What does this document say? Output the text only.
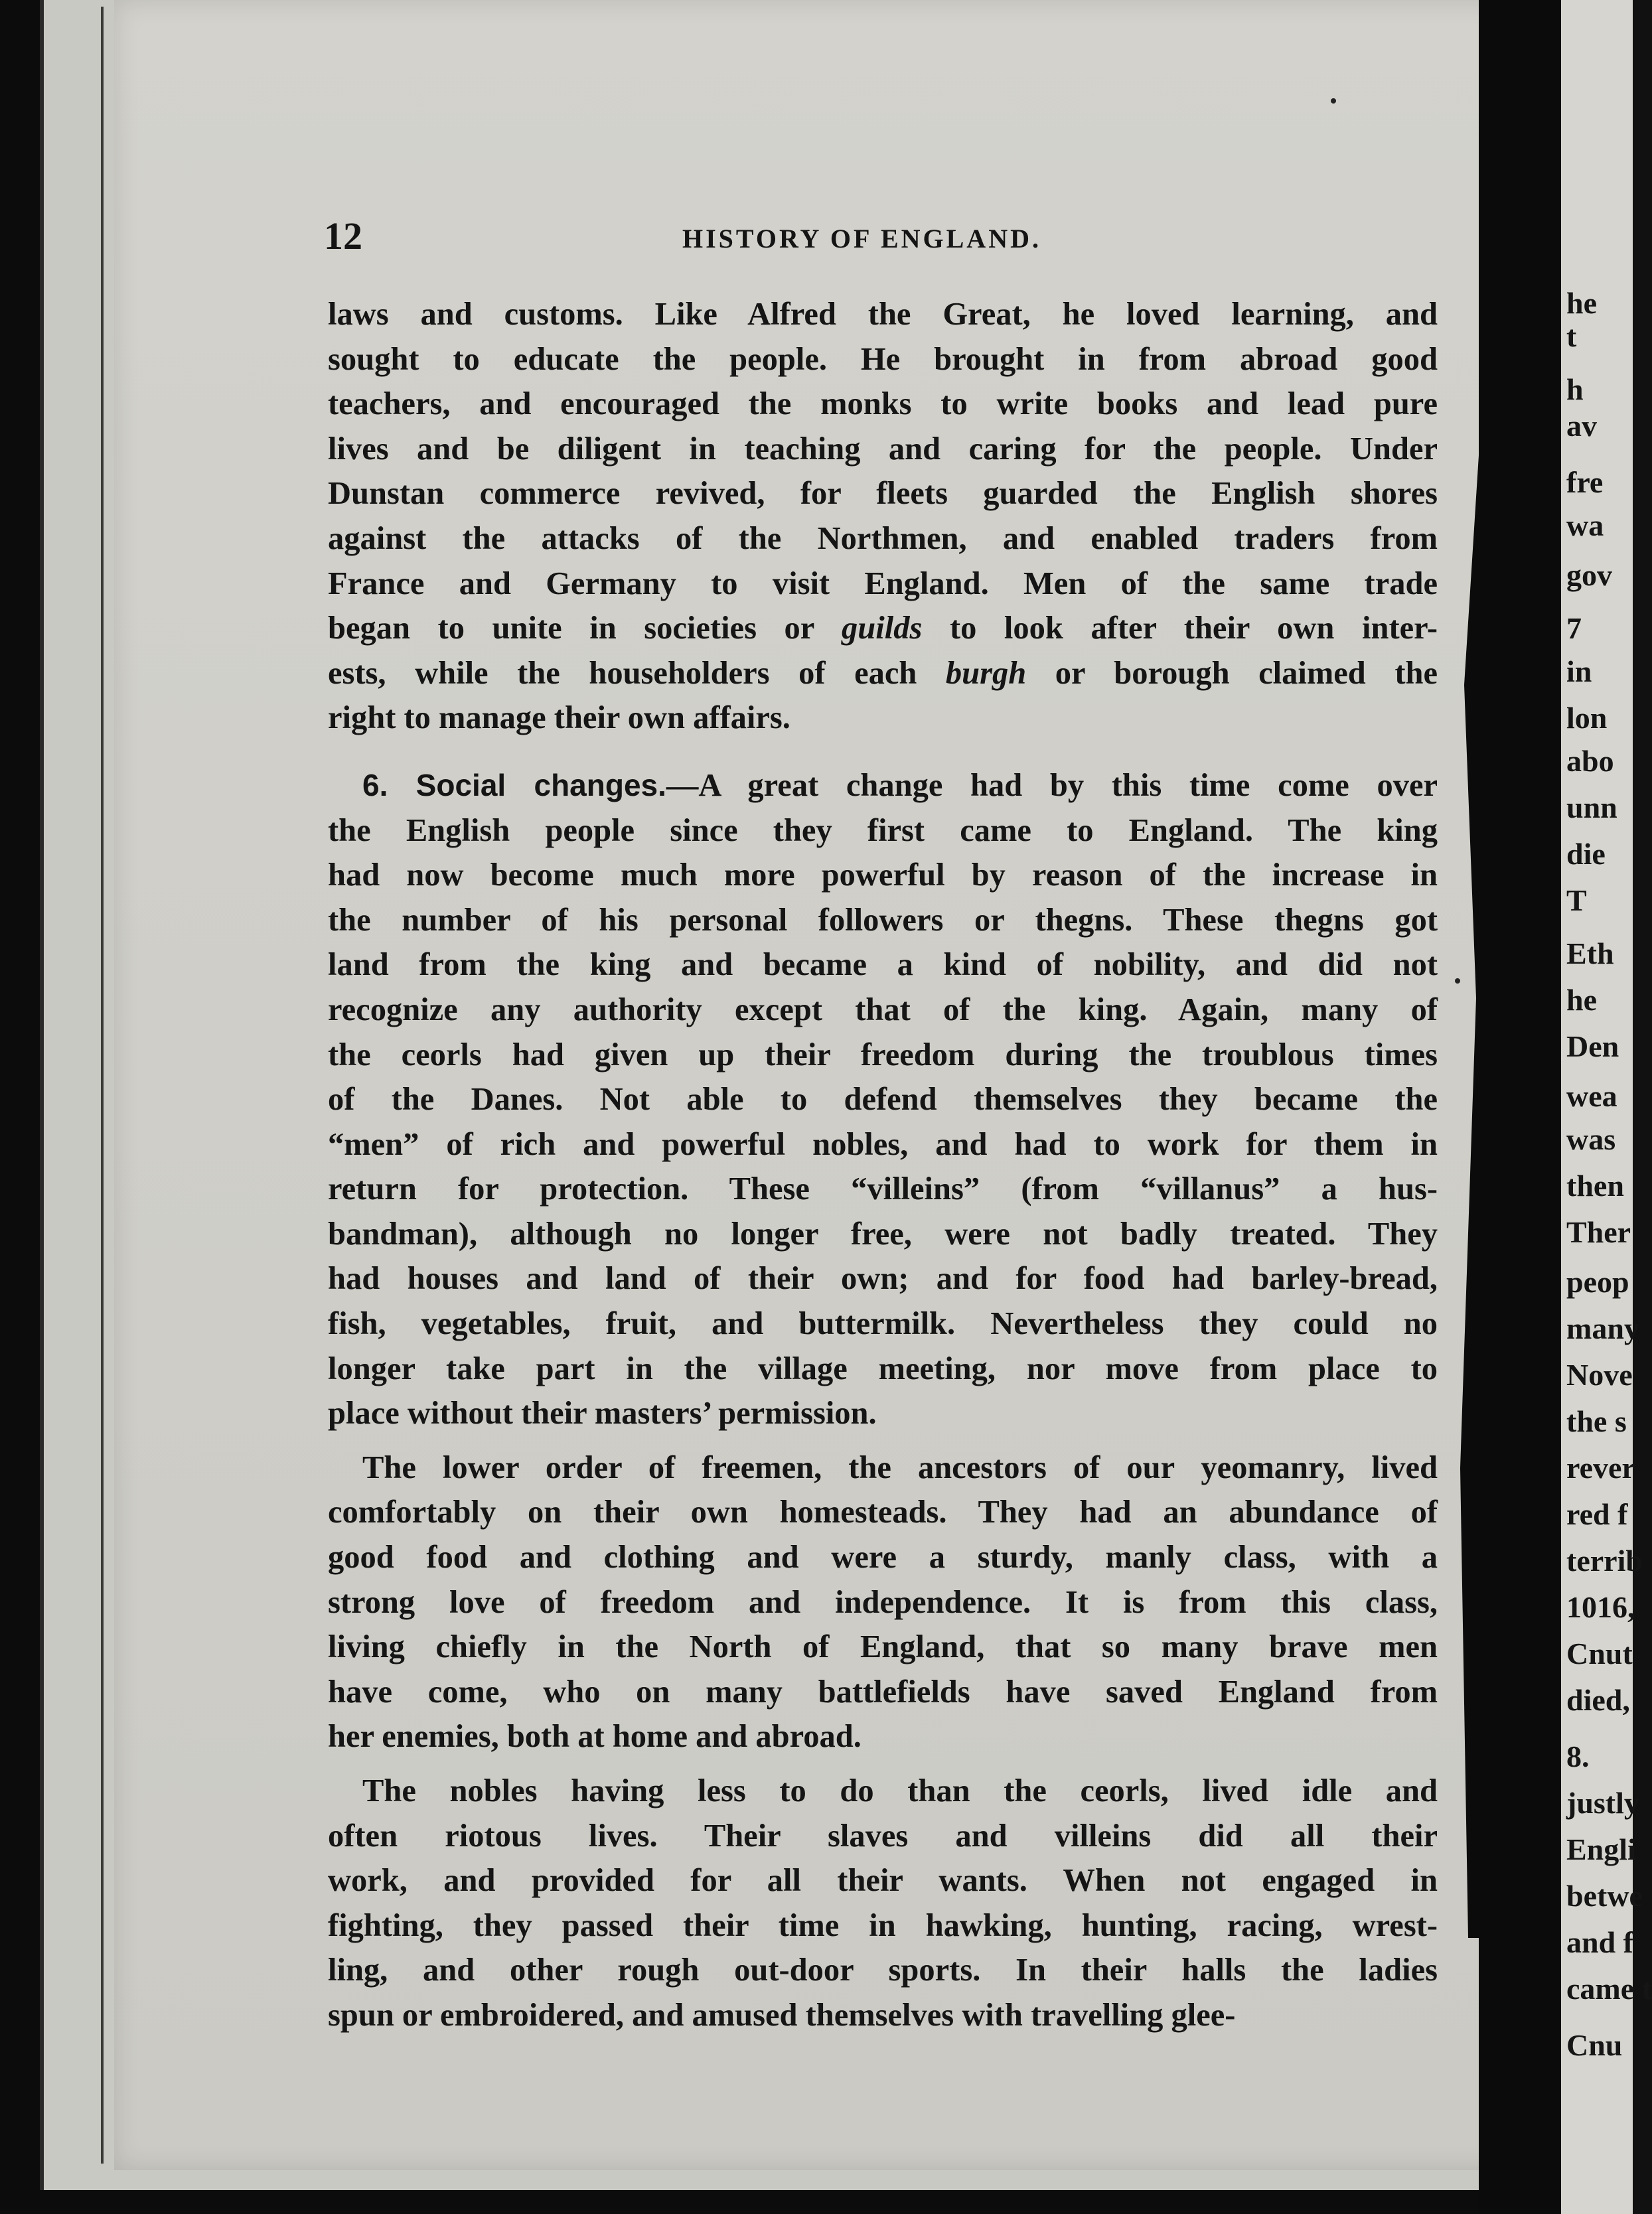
12	HISTORY OF ENGLAND.
laws and customs. Like Alfred the Great, he loved learning, and
sought to educate the people. He brought in from abroad good
teachers, and encouraged the monks to write books and lead pure
lives and be diligent in teaching and caring for the people. Under
Dunstan commerce revived, for fleets guarded the English shores
against the attacks of the Northmen, and enabled traders from
France and Germany to visit England. Men of the same trade
began to unite in societies or guilds to look after their own inter-
ests, while the householders of each burgh or borough claimed the
right to manage their own affairs.
6. Social changes.—A great change had by this time come over
the English people since they first came to England. The king
had now become much more powerful by reason of the increase in
the number of his personal followers or thegns. These thegns got
land from the king and became a kind of nobility, and did not
recognize any authority except that of the king. Again, many of
the ceorls had given up their freedom during the troublous times
of the Danes. Not able to defend themselves they became the
“men” of rich and powerful nobles, and had to work for them in
return for protection. These “villeins” (from “villanus” a hus-
bandman), although no longer free, were not badly treated. They
had houses and land of their own; and for food had barley-bread,
fish, vegetables, fruit, and buttermilk. Nevertheless they could no
longer take part in the village meeting, nor move from place to
place without their masters’ permission.
The lower order of freemen, the ancestors of our yeomanry, lived
comfortably on their own homesteads. They had an abundance of
good food and clothing and were a sturdy, manly class, with a
strong love of freedom and independence. It is from this class,
living chiefly in the North of England, that so many brave men
have come, who on many battlefields have saved England from
her enemies, both at home and abroad.
The nobles having less to do than the ceorls, lived idle and
often riotous lives. Their slaves and villeins did all their
work, and provided for all their wants. When not engaged in
fighting, they passed their time in hawking, hunting, racing, wrest-
ling, and other rough out-door sports. In their halls the ladies
spun or embroidered, and amused themselves with travelling glee-
he
t
h
av
fre
wa
gov
7
in
lon
abo
unn
die
T
Eth
he
Den
wea
was
then
Ther
peop
many
Nove
the s
rever
red f
terrib
1016,
Cnut
died,
8.
justly
Engli
betwe
and f
came t
Cnu
